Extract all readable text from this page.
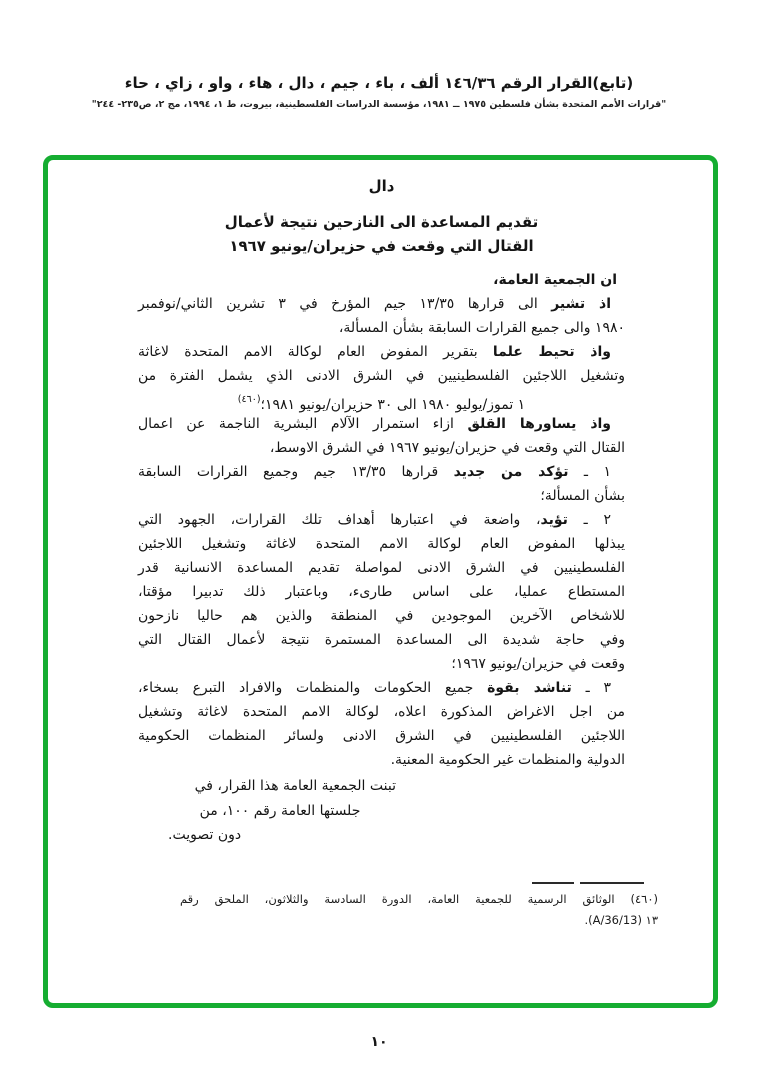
(تابع)القرار الرقم ١٤٦/٣٦ ألف ، باء ، جيم ، دال ، هاء ، واو ، زاي ، حاء
"قرارات الأمم المتحدة بشأن فلسطين ١٩٧٥ ــ ١٩٨١، مؤسسة الدراسات الفلسطينية، بيروت، ط ١، ١٩٩٤، مج ٢، ص٢٣٥- ٢٤٤"
دال
تقديم المساعدة الى النازحين نتيجة لأعمال
القتال التي وقعت في حزيران/يونيو ١٩٦٧
ان الجمعية العامة،
اذ تشير الى قرارها ١٣/٣٥ جيم المؤرخ في ٣ تشرين الثاني/نوفمبر
١٩٨٠ والى جميع القرارات السابقة بشأن المسألة،
واذ تحيط علما بتقرير المفوض العام لوكالة الامم المتحدة لاغاثة
وتشغيل اللاجئين الفلسطينيين في الشرق الادنى الذي يشمل الفترة من
١ تموز/يوليو ١٩٨٠ الى ٣٠ حزيران/يونيو ١٩٨١؛$^{(٤٦٠)}$
واذ يساورها القلق ازاء استمرار الآلام البشرية الناجمة عن اعمال
القتال التي وقعت في حزيران/يونيو ١٩٦٧ في الشرق الاوسط،
١ ـ تؤكد من جديد قرارها ١٣/٣٥ جيم وجميع القرارات السابقة
بشأن المسألة؛
٢ ـ تؤيد، واضعة في اعتبارها أهداف تلك القرارات، الجهود التي
يبذلها المفوض العام لوكالة الامم المتحدة لاغاثة وتشغيل اللاجئين
الفلسطينيين في الشرق الادنى لمواصلة تقديم المساعدة الانسانية قدر
المستطاع عمليا، على اساس طارىء، وباعتبار ذلك تدبيرا مؤقتا،
للاشخاص الآخرين الموجودين في المنطقة والذين هم حاليا نازحون
وفي حاجة شديدة الى المساعدة المستمرة نتيجة لأعمال القتال التي
وقعت في حزيران/يونيو ١٩٦٧؛
٣ ـ تناشد بقوة جميع الحكومات والمنظمات والافراد التبرع بسخاء،
من اجل الاغراض المذكورة اعلاه، لوكالة الامم المتحدة لاغاثة وتشغيل
اللاجئين الفلسطينيين في الشرق الادنى ولسائر المنظمات الحكومية
الدولية والمنظمات غير الحكومية المعنية.
تبنت الجمعية العامة هذا القرار، في
جلستها العامة رقم ١٠٠، من
دون تصويت.
(٤٦٠) الوثائق الرسمية للجمعية العامة، الدورة السادسة والثلاثون، الملحق رقم
١٣ (A/36/13).
١٠
